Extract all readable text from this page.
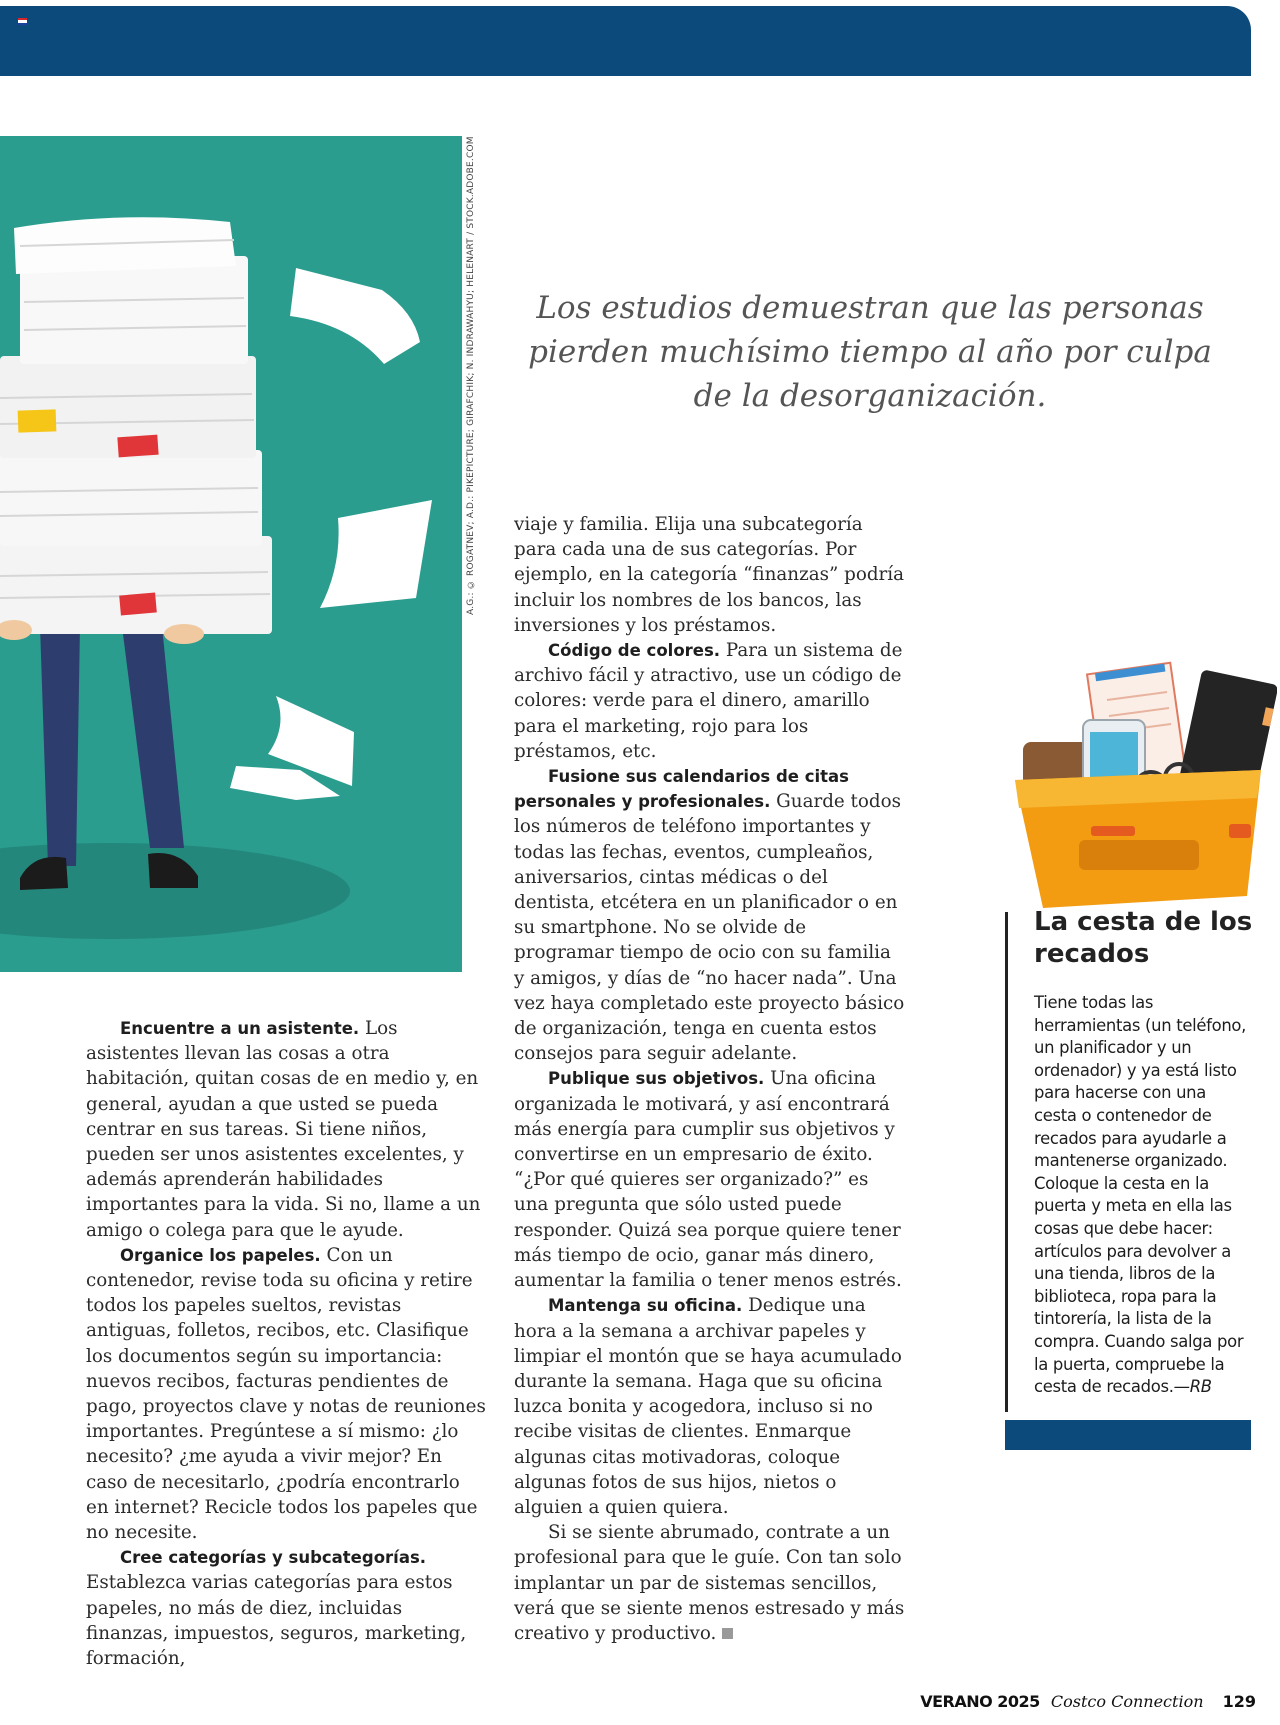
A.G.: © ROGATNEV; A.D.: PIKEPICTURE; GIRAFCHIK; N. INDRAWAHYU; HELENART / STOCK.ADOBE.COM	Los estudios demuestran que las personas pierden muchísimo tiempo al año por culpa de la desorganización.

Encuentre a un asistente. Los asistentes llevan las cosas a otra habitación, quitan cosas de en medio y, en general, ayudan a que usted se pueda centrar en sus tareas. Si tiene niños, pueden ser unos asistentes excelentes, y además aprenderán habilidades importantes para la vida. Si no, llame a un amigo o colega para que le ayude.

Organice los papeles. Con un contenedor, revise toda su oficina y retire todos los papeles sueltos, revistas antiguas, folletos, recibos, etc. Clasifique los documentos según su importancia: nuevos recibos, facturas pendientes de pago, proyectos clave y notas de reuniones importantes. Pregúntese a sí mismo: ¿lo necesito? ¿me ayuda a vivir mejor? En caso de necesitarlo, ¿podría encontrarlo en internet? Recicle todos los papeles que no necesite.

Cree categorías y subcategorías. Establezca varias categorías para estos papeles, no más de diez, incluidas finanzas, impuestos, seguros, marketing, formación,

viaje y familia. Elija una subcategoría para cada una de sus categorías. Por ejemplo, en la categoría “finanzas” podría incluir los nombres de los bancos, las inversiones y los préstamos.

Código de colores. Para un sistema de archivo fácil y atractivo, use un código de colores: verde para el dinero, amarillo para el marketing, rojo para los préstamos, etc.

Fusione sus calendarios de citas personales y profesionales. Guarde todos los números de teléfono importantes y todas las fechas, eventos, cumpleaños, aniversarios, cintas médicas o del dentista, etcétera en un planificador o en su smartphone. No se olvide de programar tiempo de ocio con su familia y amigos, y días de “no hacer nada”. Una vez haya completado este proyecto básico de organización, tenga en cuenta estos consejos para seguir adelante.

Publique sus objetivos. Una oficina organizada le motivará, y así encontrará más energía para cumplir sus objetivos y convertirse en un empresario de éxito. “¿Por qué quieres ser organizado?” es una pregunta que sólo usted puede responder. Quizá sea porque quiere tener más tiempo de ocio, ganar más dinero, aumentar la familia o tener menos estrés.

Mantenga su oficina. Dedique una hora a la semana a archivar papeles y limpiar el montón que se haya acumulado durante la semana. Haga que su oficina luzca bonita y acogedora, incluso si no recibe visitas de clientes. Enmarque algunas citas motivadoras, coloque algunas fotos de sus hijos, nietos o alguien a quien quiera.

Si se siente abrumado, contrate a un profesional para que le guíe. Con tan solo implantar un par de sistemas sencillos, verá que se siente menos estresado y más creativo y productivo.

La cesta de los recados

Tiene todas las herramientas (un teléfono, un planificador y un ordenador) y ya está listo para hacerse con una cesta o contenedor de recados para ayudarle a mantenerse organizado. Coloque la cesta en la puerta y meta en ella las cosas que debe hacer: artículos para devolver a una tienda, libros de la biblioteca, ropa para la tintorería, la lista de la compra. Cuando salga por la puerta, compruebe la cesta de recados.—RB

VERANO 2025 Costco Connection 129
